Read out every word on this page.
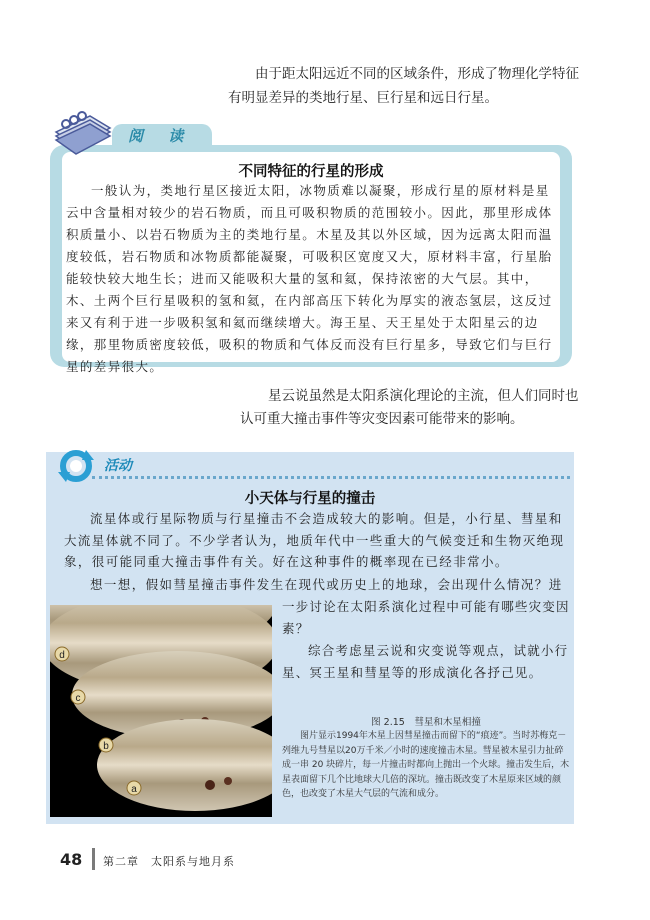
由于距太阳远近不同的区域条件，形成了物理化学特征有明显差异的类地行星、巨行星和远日行星。

阅 读
不同特征的行星的形成

一般认为，类地行星区接近太阳，冰物质难以凝聚，形成行星的原材料是星云中含量相对较少的岩石物质，而且可吸积物质的范围较小。因此，那里形成体积质量小、以岩石物质为主的类地行星。木星及其以外区域，因为远离太阳而温度较低，岩石物质和冰物质都能凝聚，可吸积区宽度又大，原材料丰富，行星胎能较快较大地生长；进而又能吸积大量的氢和氦，保持浓密的大气层。其中，木、土两个巨行星吸积的氢和氦，在内部高压下转化为厚实的液态氢层，这反过来又有利于进一步吸积氢和氦而继续增大。海王星、天王星处于太阳星云的边缘，那里物质密度较低，吸积的物质和气体反而没有巨行星多，导致它们与巨行星的差异很大。

星云说虽然是太阳系演化理论的主流，但人们同时也认可重大撞击事件等灾变因素可能带来的影响。

活动
小天体与行星的撞击

流星体或行星际物质与行星撞击不会造成较大的影响。但是，小行星、彗星和大流星体就不同了。不少学者认为，地质年代中一些重大的气候变迁和生物灭绝现象，很可能同重大撞击事件有关。好在这种事件的概率现在已经非常小。

想一想，假如彗星撞击事件发生在现代或历史上的地球，会出现什么情况？进

一步讨论在太阳系演化过程中可能有哪些灾变因素？

综合考虑星云说和灾变说等观点，试就小行星、冥王星和彗星等的形成演化各抒己见。

d
c
b
a

图 2.15　彗星和木星相撞

图片显示1994年木星上因彗星撞击而留下的“痕迹”。当时苏梅克－列维九号彗星以20万千米／小时的速度撞击木星。彗星被木星引力扯碎成一串 20 块碎片，每一片撞击时都向上抛出一个火球。撞击发生后，木星表面留下几个比地球大几倍的深坑。撞击既改变了木星原来区域的颜色，也改变了木星大气层的气流和成分。

48 第二章　太阳系与地月系
